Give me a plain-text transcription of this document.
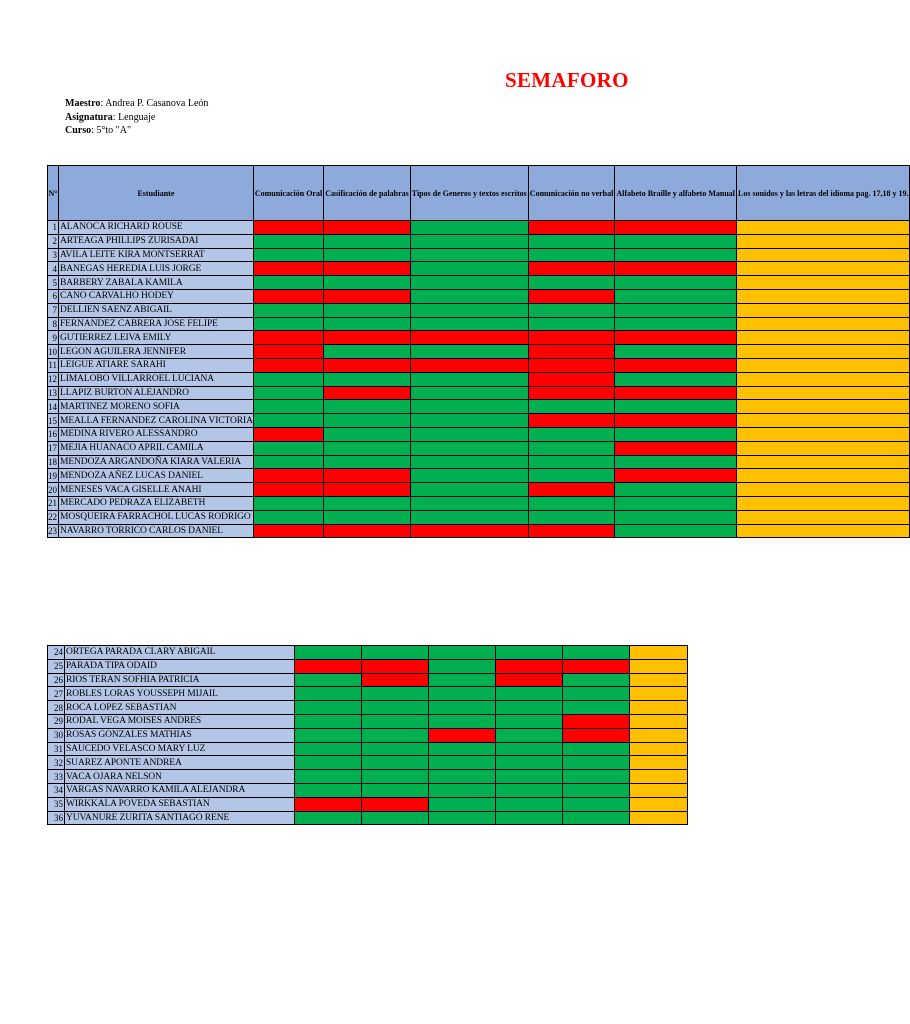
SEMAFORO
Maestro: Andrea P. Casanova León
Asignatura: Lenguaje
Curso: 5°to "A"
N°	Estudiante	Comunicación Oral	Casificación de palabras	Tipos de Generos y textos escritos	Comunicación no verbal	Alfabeto Braille y alfabeto Manual	Los sonidos y las letras del idioma pag. 17,18 y 19.
1	ALANOCA RICHARD ROUSE						
2	ARTEAGA PHILLIPS ZURISADAI						
3	AVILA LEITE KIRA MONTSERRAT						
4	BANEGAS HEREDIA LUIS JORGE						
5	BARBERY ZABALA KAMILA						
6	CANO CARVALHO HODEY						
7	DELLIEN SAENZ ABIGAIL						
8	FERNANDEZ CABRERA JOSE FELIPE						
9	GUTIERREZ LEIVA EMILY						
10	LEGON AGUILERA JENNIFER						
11	LEIGUE ATIARE SARAHI						
12	LIMALOBO VILLARROEL LUCIANA						
13	LLAPIZ BURTON ALEJANDRO						
14	MARTINEZ MORENO SOFIA						
15	MEALLA FERNANDEZ CAROLINA VICTORIA						
16	MEDINA RIVERO ALESSANDRO						
17	MEJIA HUANACO APRIL CAMILA						
18	MENDOZA ARGANDOÑA KIARA VALERIA						
19	MENDOZA AÑEZ LUCAS DANIEL						
20	MENESES VACA GISELLE ANAHI						
21	MERCADO PEDRAZA ELIZABETH						
22	MOSQUEIRA FARRACHOL LUCAS RODRIGO						
23	NAVARRO TORRICO CARLOS DANIEL						
24	ORTEGA PARADA CLARY ABIGAIL						
25	PARADA TIPA ODAID						
26	RIOS TERAN SOFHIA PATRICIA						
27	ROBLES LORAS YOUSSEPH MIJAIL						
28	ROCA LOPEZ SEBASTIAN						
29	RODAL VEGA MOISES ANDRES						
30	ROSAS GONZALES MATHIAS						
31	SAUCEDO VELASCO MARY LUZ						
32	SUAREZ APONTE ANDREA						
33	VACA OJARA NELSON						
34	VARGAS NAVARRO KAMILA ALEJANDRA						
35	WIRKKALA POVEDA SEBASTIAN						
36	YUVANURE ZURITA SANTIAGO RENE						
